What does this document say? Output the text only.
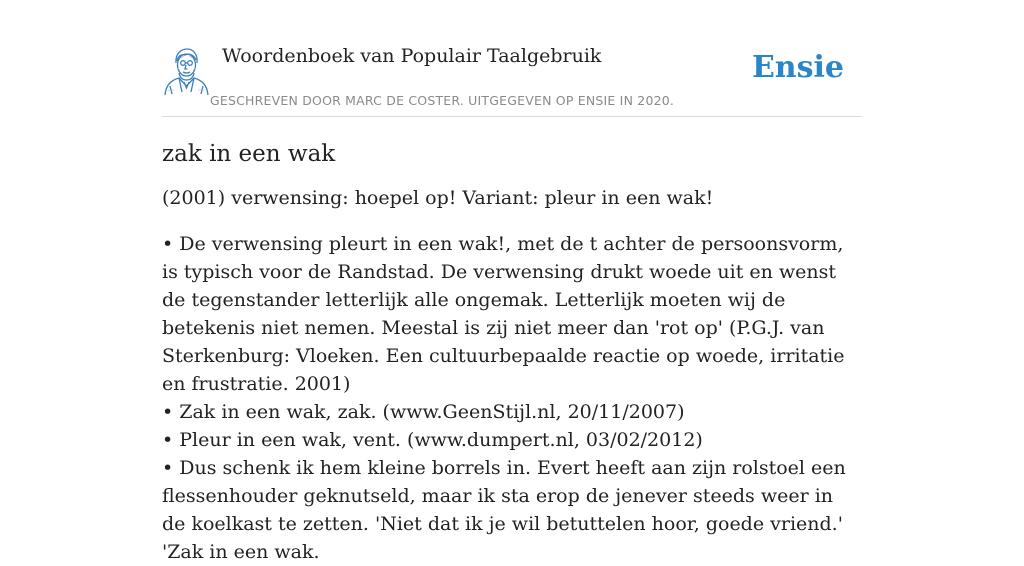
Woordenboek van Populair Taalgebruik
GESCHREVEN DOOR MARC DE COSTER. UITGEGEVEN OP ENSIE IN 2020.
Ensie
zak in een wak

(2001) verwensing: hoepel op! Variant: pleur in een wak!

• De verwensing pleurt in een wak!, met de t achter de persoonsvorm, is typisch voor de Randstad. De verwensing drukt woede uit en wenst de tegenstander letterlijk alle ongemak. Letterlijk moeten wij de betekenis niet nemen. Meestal is zij niet meer dan 'rot op' (P.G.J. van Sterkenburg: Vloeken. Een cultuurbepaalde reactie op woede, irritatie en frustratie. 2001)

• Zak in een wak, zak. (www.GeenStijl.nl, 20/11/2007)

• Pleur in een wak, vent. (www.dumpert.nl, 03/02/2012)

• Dus schenk ik hem kleine borrels in. Evert heeft aan zijn rolstoel een flessenhouder geknutseld, maar ik sta erop de jenever steeds weer in de koelkast te zetten. 'Niet dat ik je wil betuttelen hoor, goede vriend.' 'Zak in een wak.
